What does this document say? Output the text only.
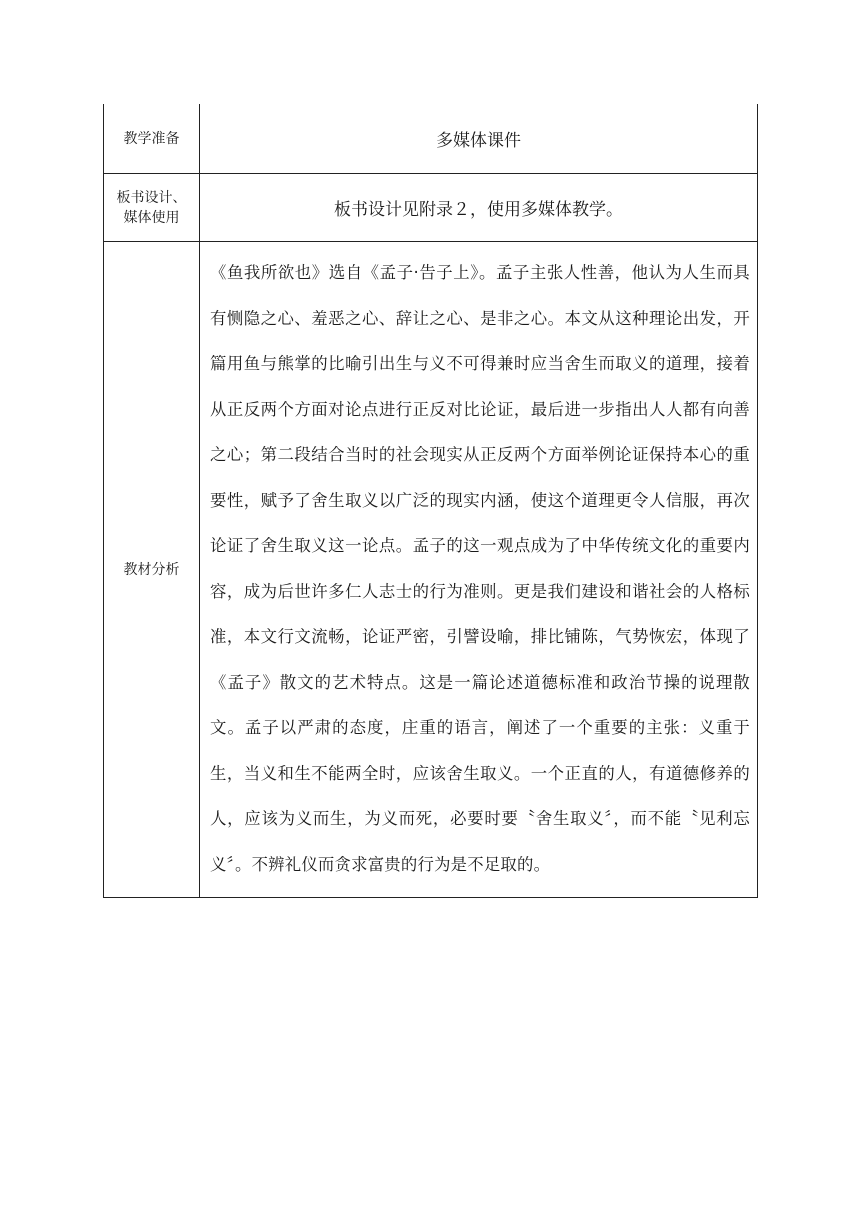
教学准备	多媒体课件

板书设计、
媒体使用	板书设计见附录２，使用多媒体教学。

教材分析	《鱼我所欲也》选自《孟子·告子上》。孟子主张人性善，他认为人生而具有恻隐之心、羞恶之心、辞让之心、是非之心。本文从这种理论出发，开篇用鱼与熊掌的比喻引出生与义不可得兼时应当舍生而取义的道理，接着从正反两个方面对论点进行正反对比论证，最后进一步指出人人都有向善之心；第二段结合当时的社会现实从正反两个方面举例论证保持本心的重要性，赋予了舍生取义以广泛的现实内涵，使这个道理更令人信服，再次论证了舍生取义这一论点。孟子的这一观点成为了中华传统文化的重要内容，成为后世许多仁人志士的行为准则。更是我们建设和谐社会的人格标准，本文行文流畅，论证严密，引譬设喻，排比铺陈，气势恢宏，体现了《孟子》散文的艺术特点。这是一篇论述道德标准和政治节操的说理散文。孟子以严肃的态度，庄重的语言，阐述了一个重要的主张：义重于生，当义和生不能两全时，应该舍生取义。一个正直的人，有道德修养的人，应该为义而生，为义而死，必要时要〝舍生取义〞，而不能〝见利忘义〞。不辨礼仪而贪求富贵的行为是不足取的。
